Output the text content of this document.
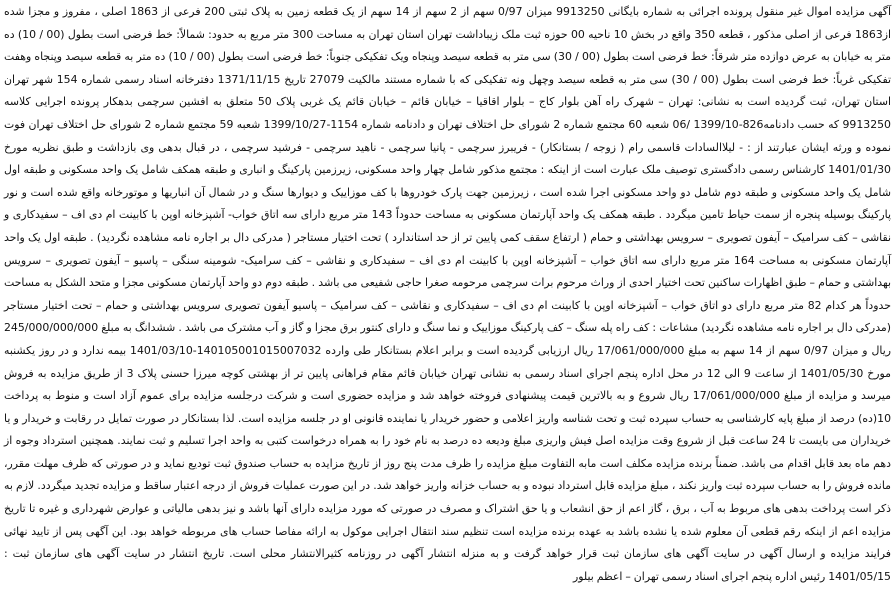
آگهی مزایده اموال غیر منقول پرونده اجرائی به شماره بایگانی 9913250 میزان 0/97 سهم از 2 سهم از 14 سهم از یک قطعه زمین به پلاک ثبتی 200 فرعی از 1863 اصلی ، مفروز و مجزا شده از1863 فرعی از اصلی مذکور ، قطعه 350 واقع در بخش 10 ناحیه 00 حوزه ثبت ملک زیباداشت تهران استان تهران به مساحت 300 متر مربع به حدود: شمالاً: خط فرضی است بطول (00 / 10) ده متر به خیابان به عرض دوازده متر شرقاً: خط فرضی است بطول (00 / 30) سی متر به قطعه سیصد وپنجاه ویک تفکیکی جنوباً: خط فرضی است بطول (00 / 10) ده متر به قطعه سیصد وپنجاه وهفت تفکیکی غرباً: خط فرضی است بطول (00 / 30) سی متر به قطعه سیصد وچهل ونه تفکیکی که با شماره مستند مالکیت 27079 تاریخ 1371/11/15 دفترخانه اسناد رسمی شماره 154 شهر تهران استان تهران، ثبت گردیده است به نشانی: تهران – شهرک راه آهن بلوار کاج – بلوار اقاقیا – خیابان قائم – خیابان قائم یک غربی پلاک 50 متعلق به افشین سرچمی بدهکار پرونده اجرایی کلاسه 9913250 که حسب دادنامه826-1399/10 /06 شعبه 60 مجتمع شماره 2 شورای حل اختلاف تهران و دادنامه شماره 1154-1399/10/27 شعبه 59 مجتمع شماره 2 شورای حل اختلاف تهران فوت نموده و ورثه ایشان عبارتند از : - لیلاالسادات قاسمی رام ( زوجه / بستانکار) - فریبرز سرچمی - پانیا سرچمی - ناهید سرچمی - فرشید سرچمی ، در قبال بدهی وی بازداشت و طبق نظریه مورخ 1401/01/30 کارشناس رسمی دادگستری توصیف ملک عبارت است از اینکه : مجتمع مذکور شامل چهار واحد مسکونی، زیرزمین پارکینگ و انباری و طبقه همکف شامل یک واحد مسکونی و طبقه اول شامل یک واحد مسکونی و طبقه دوم شامل دو واحد مسکونی اجرا شده است ، زیرزمین جهت پارک خودروها با کف موزاییک و دیوارها سنگ و در شمال آن انباریها و موتورخانه واقع شده است و نور پارکینگ بوسیله پنجره از سمت حیاط تامین میگردد . طبقه همکف یک واحد آپارتمان مسکونی به مساحت حدوداً 143 متر مربع دارای سه اتاق خواب- آشپزخانه اوپن با کابینت ام دی اف – سفیدکاری و نقاشی – کف سرامیک – آیفون تصویری – سرویس بهداشتی و حمام ( ارتفاع سقف کمی پایین تر از حد استاندارد ) تحت اختیار مستاجر ( مدرکی دال بر اجاره نامه مشاهده نگردید) . طبقه اول یک واحد آپارتمان مسکونی به مساحت 164 متر مربع دارای سه اتاق خواب – آشپزخانه اوپن با کابینت ام دی اف – سفیدکاری و نقاشی – کف سرامیک- شومینه سنگی – پاسیو – آیفون تصویری – سرویس بهداشتی و حمام – طبق اظهارات ساکنین تحت اختیار احدی از وراث مرحوم برات سرچمی مرحومه صغرا حاجی شفیعی می باشد . طبقه دوم دو واحد آپارتمان مسکونی مجزا و متحد الشکل به مساحت حدوداً هر کدام 82 متر مربع دارای دو اتاق خواب – آشپزخانه اوپن با کابینت ام دی اف – سفیدکاری و نقاشی – کف سرامیک – پاسیو آیفون تصویری سرویس بهداشتی و حمام – تحت اختیار مستاجر (مدرکی دال بر اجاره نامه مشاهده نگردید) مشاعات : کف راه پله سنگ – کف پارکینگ موزاییک و نما سنگ و دارای کنتور برق مجزا و گاز و آب مشترک می باشد . ششدانگ به مبلغ 245/000/000/000 ریال و میزان 0/97 سهم از 14 سهم به مبلغ 17/061/000/000 ریال ارزیابی گردیده است و برابر اعلام بستانکار طی وارده 14010500101500703‌2-1401/03/10 بیمه ندارد و در روز یکشنبه مورخ 1401/05/30 از ساعت 9 الی 12 در محل اداره پنجم اجرای اسناد رسمی به نشانی تهران خیابان قائم مقام فراهانی پایین تر از بهشتی کوچه میرزا حسنی پلاک 3 از طریق مزایده به فروش میرسد و مزایده از مبلغ 17/061/000/000 ریال شروع و به بالاترین قیمت پیشنهادی فروخته خواهد شد و مزایده حضوری است و شرکت درجلسه مزایده برای عموم آزاد است و منوط به پرداخت 10(ده) درصد از مبلغ پایه کارشناسی به حساب سپرده ثبت و تحت شناسه واریز اعلامی و حضور خریدار یا نماینده قانونی او در جلسه مزایده است. لذا بستانکار در صورت تمایل در رقابت و خریدار و یا خریداران می بایست تا 24 ساعت قبل از شروع وقت مزایده اصل فیش واریزی مبلغ ودیعه ده درصد به نام خود را به همراه درخواست کتبی به واحد اجرا تسلیم و ثبت نمایند. همچنین استرداد وجوه از دهم ماه بعد قابل اقدام می باشد. ضمناً برنده مزایده مکلف است مابه التفاوت مبلغ مزایده را ظرف مدت پنج روز از تاریخ مزایده به حساب صندوق ثبت تودیع نماید و در صورتی که ظرف مهلت مقرر، مانده فروش را به حساب سپرده ثبت واریز نکند ، مبلغ مزایده قابل استرداد نبوده و به حساب خزانه واریز خواهد شد. در این صورت عملیات فروش از درجه اعتبار ساقط و مزایده تجدید میگردد. لازم به ذکر است پرداخت بدهی های مربوط به آب ، برق ، گاز اعم از حق انشعاب و یا حق اشتراک و مصرف در صورتی که مورد مزایده دارای آنها باشد و نیز بدهی مالیاتی و عوارض شهرداری و غیره تا تاریخ مزایده اعم از اینکه رقم قطعی آن معلوم شده یا نشده باشد به عهده برنده مزایده است تنظیم سند انتقال اجرایی موکول به ارائه مفاصا حساب های مربوطه خواهد بود. این آگهی پس از تایید نهائی فرایند مزایده و ارسال آگهی در سایت آگهی های سازمان ثبت قرار خواهد گرفت و به منزله انتشار آگهی در روزنامه کثیرالانتشار محلی است. تاریخ انتشار در سایت آگهی های سازمان ثبت : 1401/05/15 رئیس اداره پنجم اجرای اسناد رسمی تهران – اعظم بیلور
